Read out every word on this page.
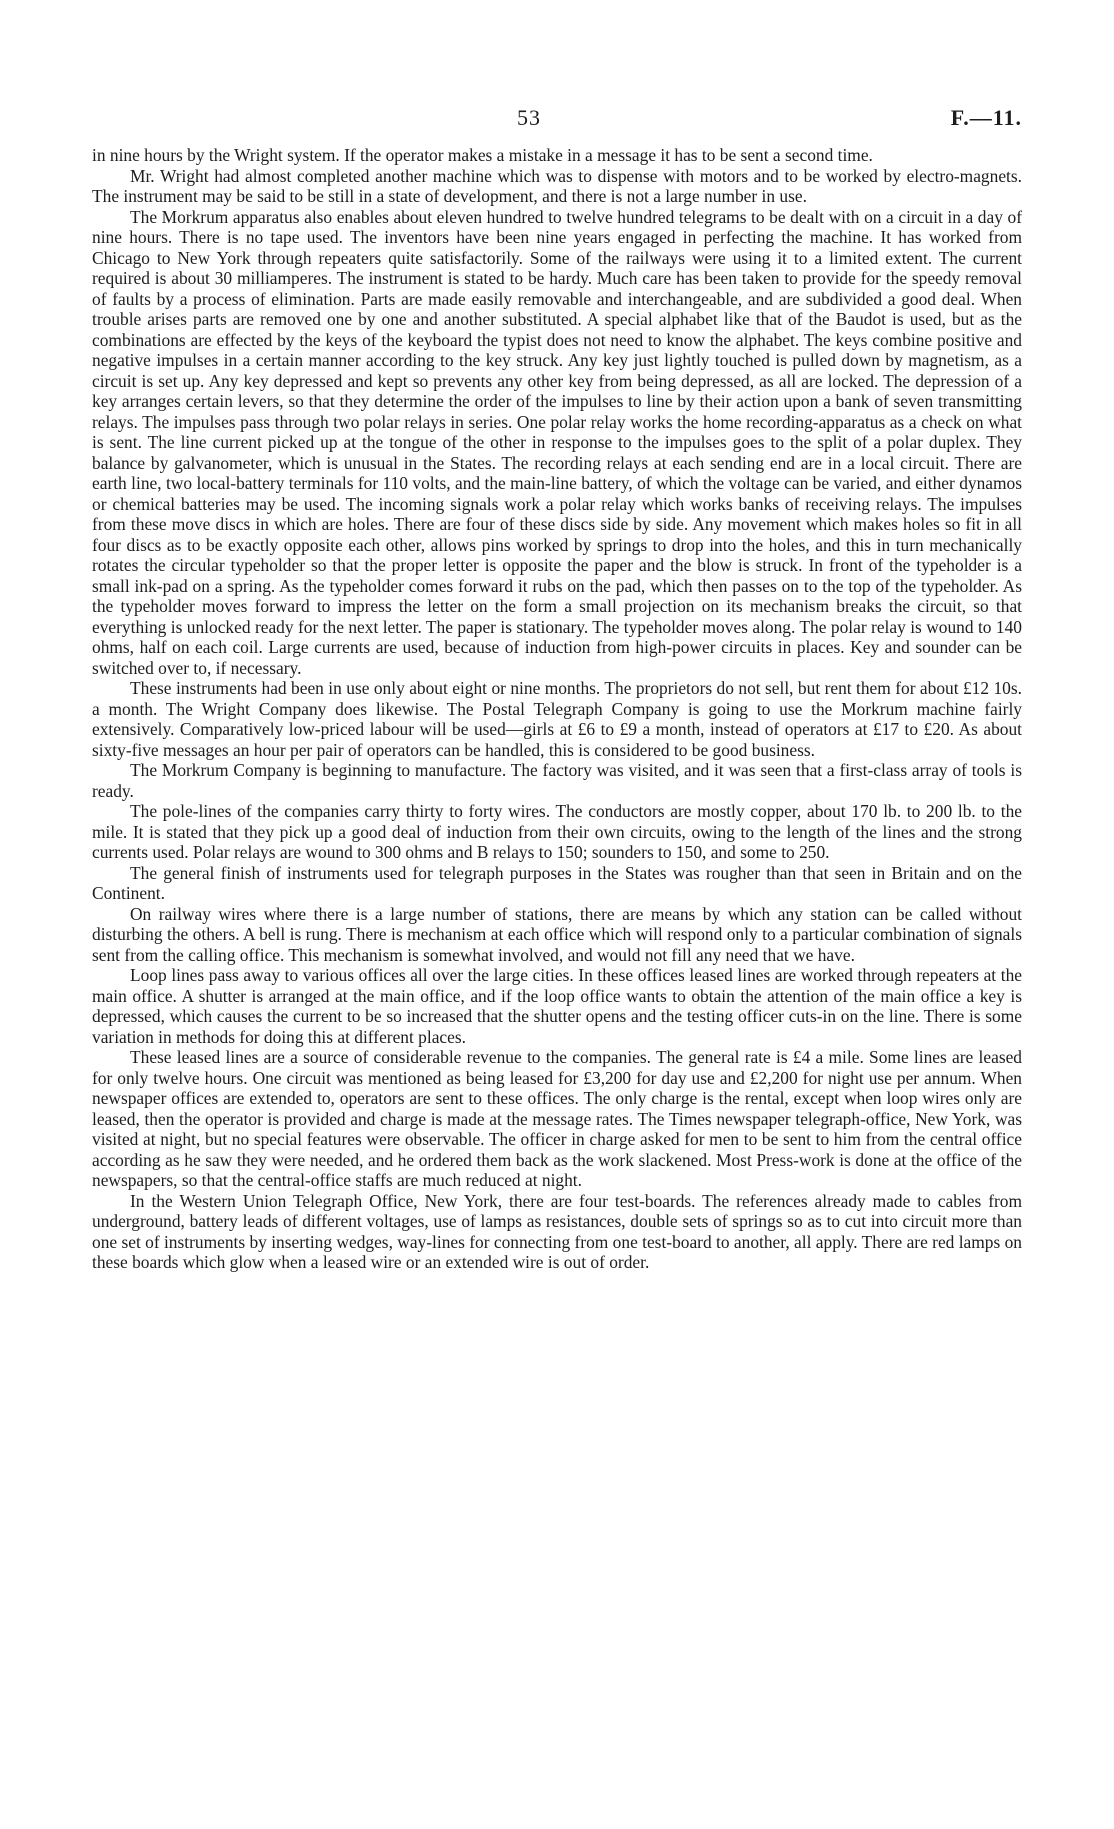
53	F.—11.

in nine hours by the Wright system. If the operator makes a mistake in a message it has to be sent a second time.

Mr. Wright had almost completed another machine which was to dispense with motors and to be worked by electro-magnets. The instrument may be said to be still in a state of development, and there is not a large number in use.

The Morkrum apparatus also enables about eleven hundred to twelve hundred telegrams to be dealt with on a circuit in a day of nine hours. There is no tape used. The inventors have been nine years engaged in perfecting the machine. It has worked from Chicago to New York through repeaters quite satisfactorily. Some of the railways were using it to a limited extent. The current required is about 30 milliamperes. The instrument is stated to be hardy. Much care has been taken to provide for the speedy removal of faults by a process of elimination. Parts are made easily removable and interchangeable, and are subdivided a good deal. When trouble arises parts are removed one by one and another substituted. A special alphabet like that of the Baudot is used, but as the combinations are effected by the keys of the keyboard the typist does not need to know the alphabet. The keys combine positive and negative impulses in a certain manner according to the key struck. Any key just lightly touched is pulled down by magnetism, as a circuit is set up. Any key depressed and kept so prevents any other key from being depressed, as all are locked. The depression of a key arranges certain levers, so that they determine the order of the impulses to line by their action upon a bank of seven transmitting relays. The impulses pass through two polar relays in series. One polar relay works the home recording-apparatus as a check on what is sent. The line current picked up at the tongue of the other in response to the impulses goes to the split of a polar duplex. They balance by galvanometer, which is unusual in the States. The recording relays at each sending end are in a local circuit. There are earth line, two local-battery terminals for 110 volts, and the main-line battery, of which the voltage can be varied, and either dynamos or chemical batteries may be used. The incoming signals work a polar relay which works banks of receiving relays. The impulses from these move discs in which are holes. There are four of these discs side by side. Any movement which makes holes so fit in all four discs as to be exactly opposite each other, allows pins worked by springs to drop into the holes, and this in turn mechanically rotates the circular typeholder so that the proper letter is opposite the paper and the blow is struck. In front of the typeholder is a small ink-pad on a spring. As the typeholder comes forward it rubs on the pad, which then passes on to the top of the typeholder. As the typeholder moves forward to impress the letter on the form a small projection on its mechanism breaks the circuit, so that everything is unlocked ready for the next letter. The paper is stationary. The typeholder moves along. The polar relay is wound to 140 ohms, half on each coil. Large currents are used, because of induction from high-power circuits in places. Key and sounder can be switched over to, if necessary.

These instruments had been in use only about eight or nine months. The proprietors do not sell, but rent them for about £12 10s. a month. The Wright Company does likewise. The Postal Telegraph Company is going to use the Morkrum machine fairly extensively. Comparatively low-priced labour will be used—girls at £6 to £9 a month, instead of operators at £17 to £20. As about sixty-five messages an hour per pair of operators can be handled, this is considered to be good business.

The Morkrum Company is beginning to manufacture. The factory was visited, and it was seen that a first-class array of tools is ready.

The pole-lines of the companies carry thirty to forty wires. The conductors are mostly copper, about 170 lb. to 200 lb. to the mile. It is stated that they pick up a good deal of induction from their own circuits, owing to the length of the lines and the strong currents used. Polar relays are wound to 300 ohms and B relays to 150; sounders to 150, and some to 250.

The general finish of instruments used for telegraph purposes in the States was rougher than that seen in Britain and on the Continent.

On railway wires where there is a large number of stations, there are means by which any station can be called without disturbing the others. A bell is rung. There is mechanism at each office which will respond only to a particular combination of signals sent from the calling office. This mechanism is somewhat involved, and would not fill any need that we have.

Loop lines pass away to various offices all over the large cities. In these offices leased lines are worked through repeaters at the main office. A shutter is arranged at the main office, and if the loop office wants to obtain the attention of the main office a key is depressed, which causes the current to be so increased that the shutter opens and the testing officer cuts-in on the line. There is some variation in methods for doing this at different places.

These leased lines are a source of considerable revenue to the companies. The general rate is £4 a mile. Some lines are leased for only twelve hours. One circuit was mentioned as being leased for £3,200 for day use and £2,200 for night use per annum. When newspaper offices are extended to, operators are sent to these offices. The only charge is the rental, except when loop wires only are leased, then the operator is provided and charge is made at the message rates. The Times newspaper telegraph-office, New York, was visited at night, but no special features were observable. The officer in charge asked for men to be sent to him from the central office according as he saw they were needed, and he ordered them back as the work slackened. Most Press-work is done at the office of the newspapers, so that the central-office staffs are much reduced at night.

In the Western Union Telegraph Office, New York, there are four test-boards. The references already made to cables from underground, battery leads of different voltages, use of lamps as resistances, double sets of springs so as to cut into circuit more than one set of instruments by inserting wedges, way-lines for connecting from one test-board to another, all apply. There are red lamps on these boards which glow when a leased wire or an extended wire is out of order.
